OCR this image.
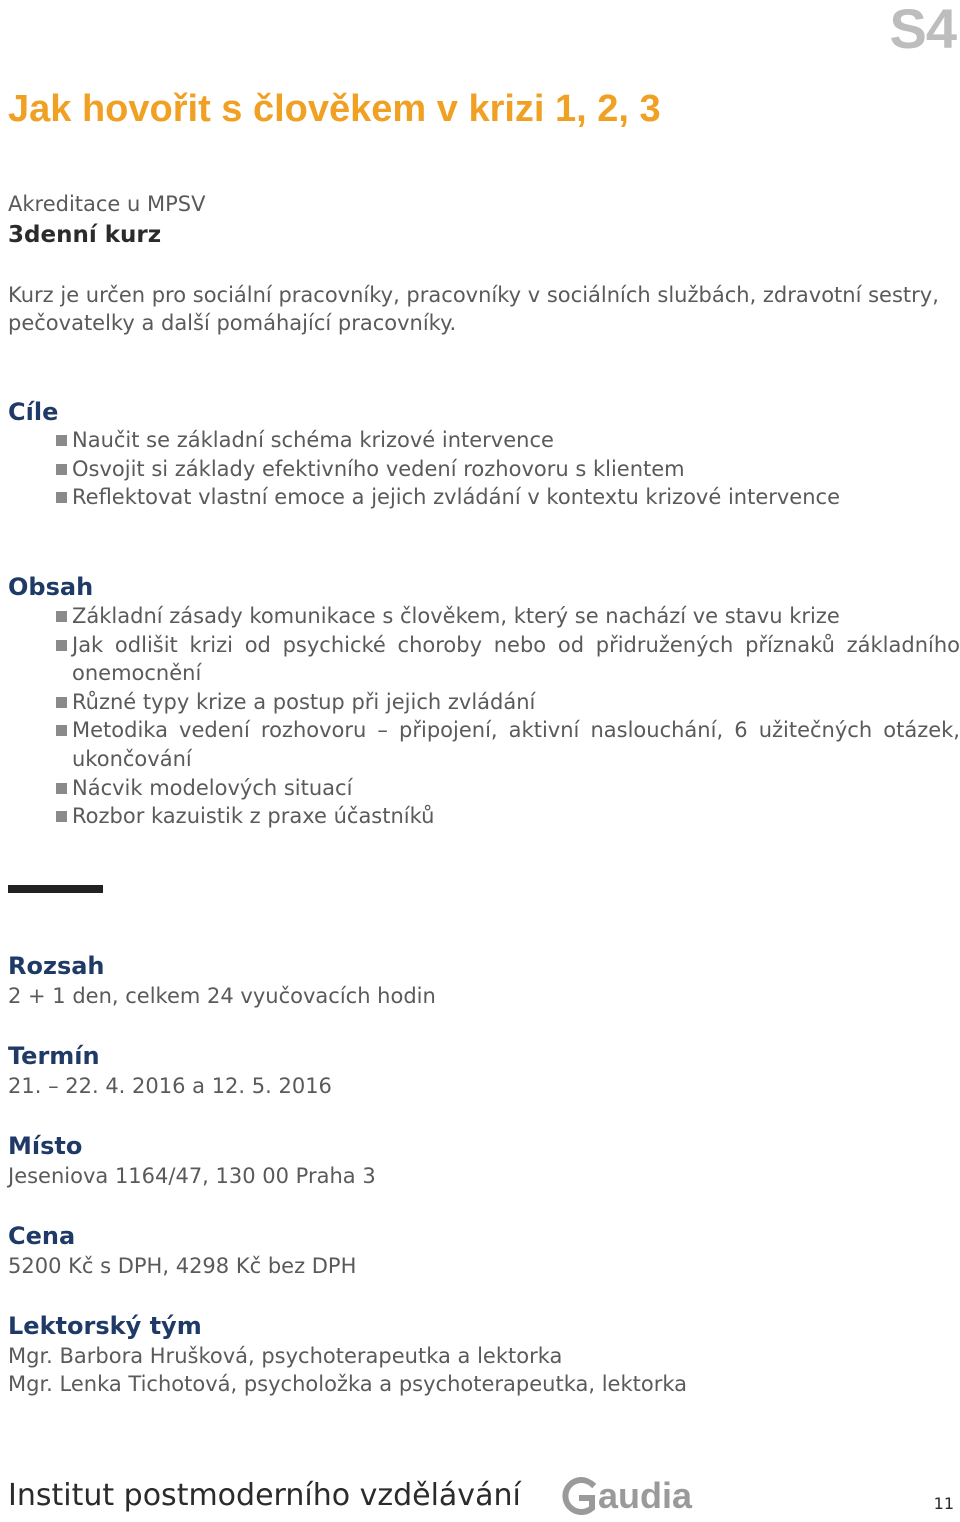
S4
Jak hovořit s člověkem v krizi 1, 2, 3
Akreditace u MPSV
3denní kurz
Kurz je určen pro sociální pracovníky, pracovníky v sociálních službách, zdravotní sestry, pečovatelky a další pomáhající pracovníky.
Cíle
Naučit se základní schéma krizové intervence
Osvojit si základy efektivního vedení rozhovoru s klientem
Reflektovat vlastní emoce a jejich zvládání v kontextu krizové intervence
Obsah
Základní zásady komunikace s člověkem, který se nachází ve stavu krize
Jak odlišit krizi od psychické choroby nebo od přidružených příznaků základního onemocnění
Různé typy krize a postup při jejich zvládání
Metodika vedení rozhovoru – připojení, aktivní naslouchání, 6 užitečných otázek, ukončování
Nácvik modelových situací
Rozbor kazuistik z praxe účastníků
Rozsah
2 + 1 den, celkem 24 vyučovacích hodin
Termín
21. – 22. 4. 2016 a 12. 5. 2016
Místo
Jeseniova 1164/47, 130 00 Praha 3
Cena
5200 Kč s DPH, 4298 Kč bez DPH
Lektorský tým
Mgr. Barbora Hrušková, psychoterapeutka a lektorka
Mgr. Lenka Tichotová, psycholožka a psychoterapeutka, lektorka
Institut postmoderního vzdělávání audia	11
